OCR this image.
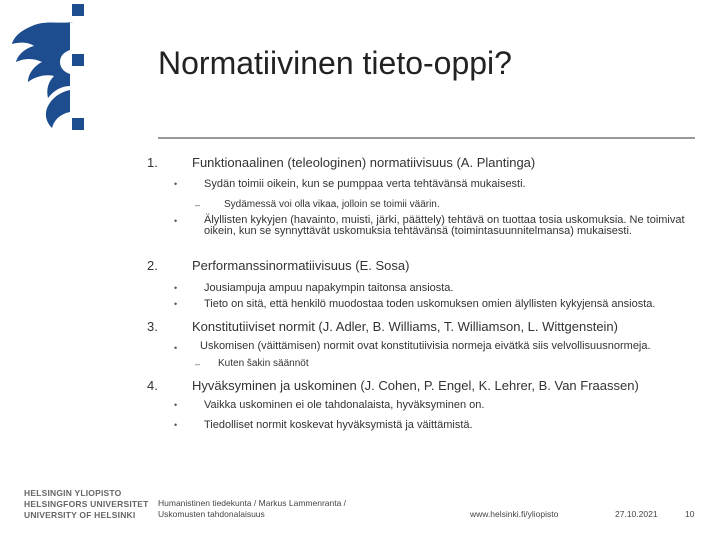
HELSINGIN YLIOPISTO
HELSINGFORS UNIVERSITET
UNIVERSITY OF HELSINKI
Normatiivinen tieto-oppi?
1.	Funktionaalinen (teleologinen) normatiivisuus (A. Plantinga)
• Sydän toimii oikein, kun se pumppaa verta tehtävänsä mukaisesti.
– Sydämessä voi olla vikaa, jolloin se toimii väärin.
• Älyllisten kykyjen (havainto, muisti, järki, päättely) tehtävä on tuottaa tosia uskomuksia. Ne toimivat oikein, kun se synnyttävät uskomuksia tehtävänsä (toimintasuunnitelmansa) mukaisesti.
2.	Performanssinormatiivisuus (E. Sosa)
• Jousiampuja ampuu napakympin taitonsa ansiosta.
• Tieto on sitä, että henkilö muodostaa toden uskomuksen omien älyllisten kykyjensä ansiosta.
3.	Konstitutiiviset normit (J. Adler, B. Williams, T. Williamson, L. Wittgenstein)
• Uskomisen (väittämisen) normit ovat konstitutiivisia normeja eivätkä siis velvollisuusnormeja.
– Kuten šakin säännöt
4.	Hyväksyminen ja uskominen (J. Cohen, P. Engel, K. Lehrer, B. Van Fraassen)
• Vaikka uskominen ei ole tahdonalaista, hyväksyminen on.
• Tiedolliset normit koskevat hyväksymistä ja väittämistä.
Humanistinen tiedekunta / Markus Lammenranta /
Uskomusten tahdonalaisuus	www.helsinki.fi/yliopisto	27.10.2021	10
